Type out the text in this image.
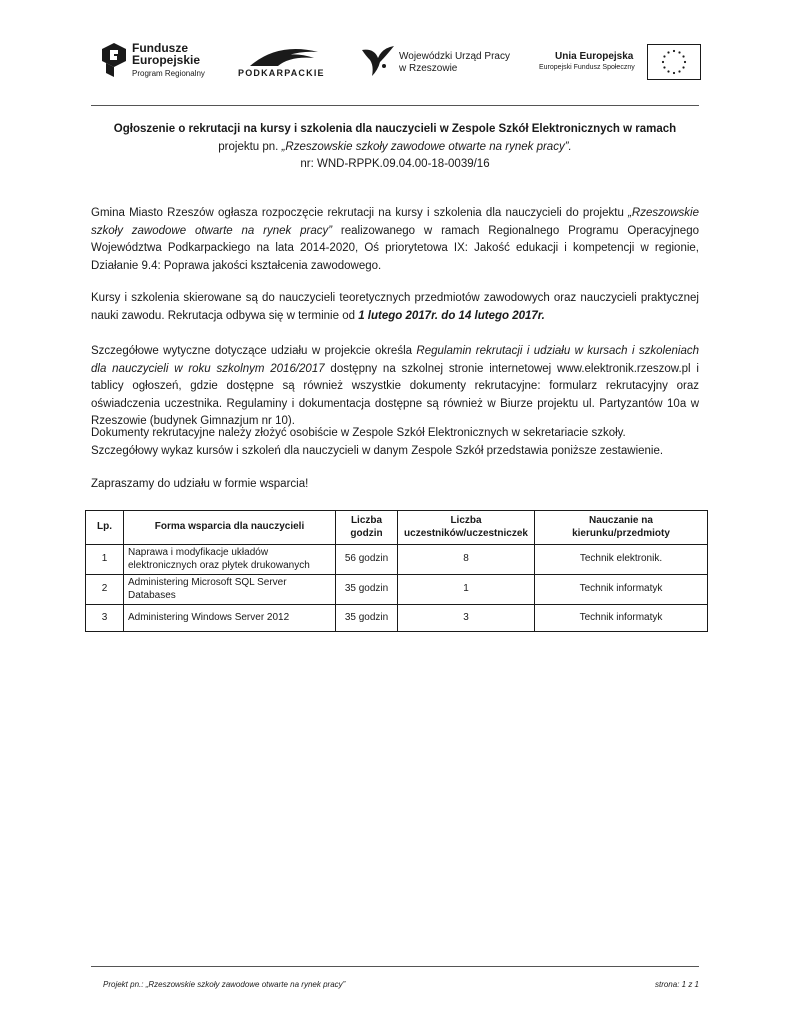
Fundusze
Europejskie
Program Regionalny	PODKARPACKIE
Wojewódzki Urząd Pracy
w Rzeszowie
Unia Europejska
Europejski Fundusz Społeczny
Ogłoszenie o rekrutacji na kursy i szkolenia dla nauczycieli w Zespole Szkół Elektronicznych w ramach
projektu pn. „Rzeszowskie szkoły zawodowe otwarte na rynek pracy”.
nr: WND-RPPK.09.04.00-18-0039/16
Gmina Miasto Rzeszów ogłasza rozpoczęcie rekrutacji na kursy i szkolenia dla nauczycieli do projektu „Rzeszowskie szkoły zawodowe otwarte na rynek pracy” realizowanego w ramach Regionalnego Programu Operacyjnego Województwa Podkarpackiego na lata 2014-2020, Oś priorytetowa IX: Jakość edukacji i kompetencji w regionie, Działanie 9.4: Poprawa jakości kształcenia zawodowego.
Kursy i szkolenia skierowane są do nauczycieli teoretycznych przedmiotów zawodowych oraz nauczycieli praktycznej nauki zawodu. Rekrutacja odbywa się w terminie od 1 lutego 2017r. do 14 lutego 2017r.
Szczegółowe wytyczne dotyczące udziału w projekcie określa Regulamin rekrutacji i udziału w kursach i szkoleniach dla nauczycieli w roku szkolnym 2016/2017 dostępny na szkolnej stronie internetowej www.elektronik.rzeszow.pl i tablicy ogłoszeń, gdzie dostępne są również wszystkie dokumenty rekrutacyjne: formularz rekrutacyjny oraz oświadczenia uczestnika. Regulaminy i dokumentacja dostępne są również w Biurze projektu ul. Partyzantów 10a w Rzeszowie (budynek Gimnazjum nr 10).
Dokumenty rekrutacyjne należy złożyć osobiście w Zespole Szkół Elektronicznych w sekretariacie szkoły.
Szczegółowy wykaz kursów i szkoleń dla nauczycieli w danym Zespole Szkół przedstawia poniższe zestawienie.
Zapraszamy do udziału w formie wsparcia!
Lp.	Forma wsparcia dla nauczycieli	Liczba godzin	Liczba uczestników/uczestniczek	Nauczanie na kierunku/przedmioty
1	Naprawa i modyfikacje układów elektronicznych oraz płytek drukowanych	56 godzin	8	Technik elektronik.
2	Administering Microsoft SQL Server Databases	35 godzin	1	Technik informatyk
3	Administering Windows Server 2012	35 godzin	3	Technik informatyk
Projekt pn.: „Rzeszowskie szkoły zawodowe otwarte na rynek pracy”	strona: 1 z 1
